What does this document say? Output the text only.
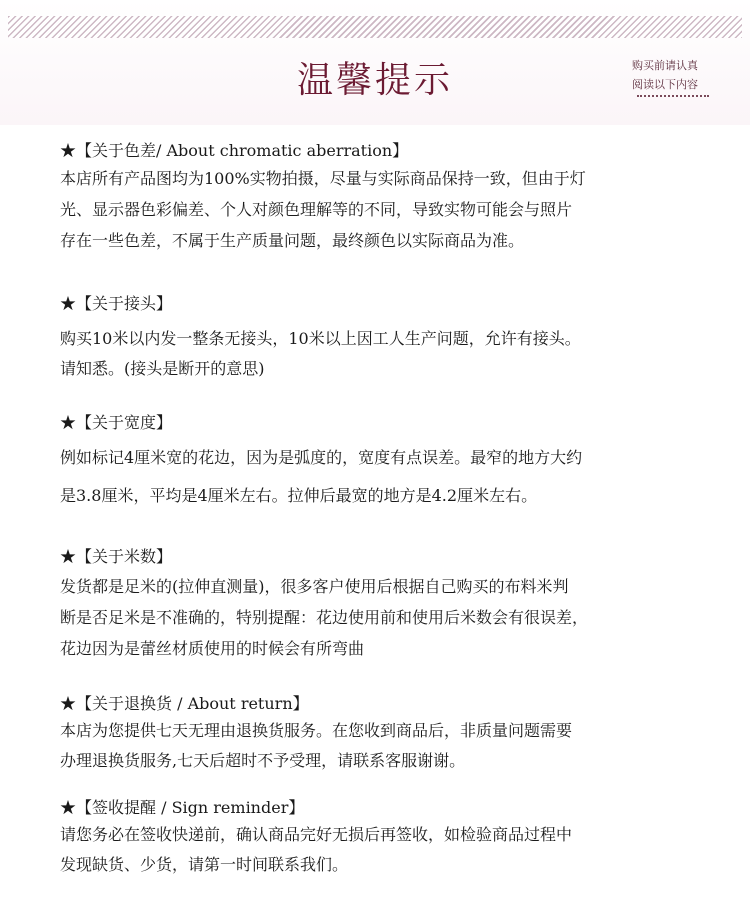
温馨提示	购买前请认真
阅读以下内容
★【关于色差/ About chromatic aberration】
本店所有产品图均为100%实物拍摄，尽量与实际商品保持一致，但由于灯
光、显示器色彩偏差、个人对颜色理解等的不同，导致实物可能会与照片
存在一些色差，不属于生产质量问题，最终颜色以实际商品为准。
★【关于接头】
购买10米以内发一整条无接头，10米以上因工人生产问题，允许有接头。
请知悉。(接头是断开的意思)
★【关于宽度】
例如标记4厘米宽的花边，因为是弧度的，宽度有点误差。最窄的地方大约
是3.8厘米，平均是4厘米左右。拉伸后最宽的地方是4.2厘米左右。
★【关于米数】
发货都是足米的(拉伸直测量)，很多客户使用后根据自己购买的布料米判
断是否足米是不准确的，特别提醒：花边使用前和使用后米数会有很误差，
花边因为是蕾丝材质使用的时候会有所弯曲
★【关于退换货 / About return】
本店为您提供七天无理由退换货服务。在您收到商品后，非质量问题需要
办理退换货服务,七天后超时不予受理，请联系客服谢谢。
★【签收提醒 / Sign reminder】
请您务必在签收快递前，确认商品完好无损后再签收，如检验商品过程中
发现缺货、少货，请第一时间联系我们。
